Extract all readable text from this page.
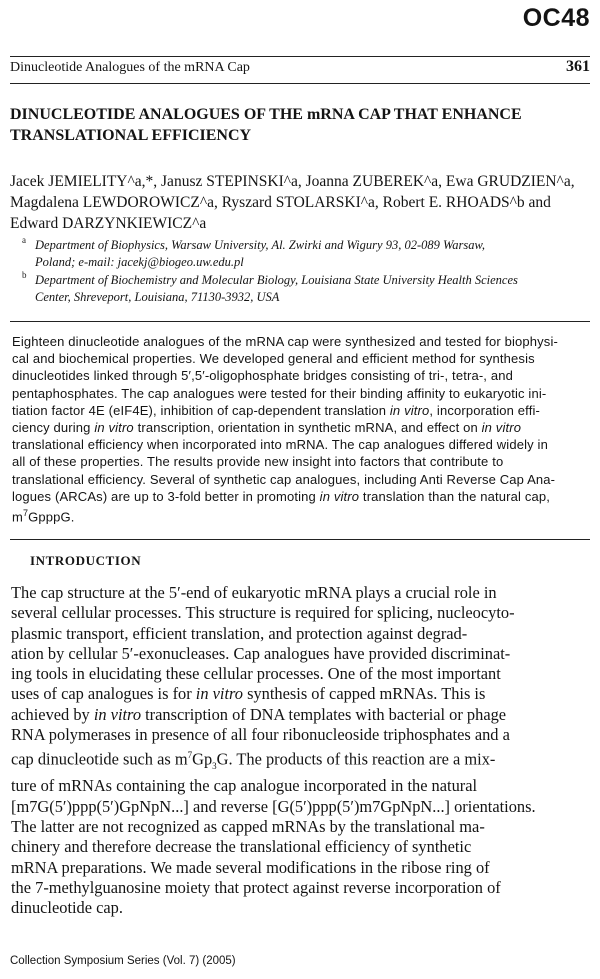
OC48
Dinucleotide Analogues of the mRNA Cap	361
DINUCLEOTIDE ANALOGUES OF THE mRNA CAP THAT ENHANCE
TRANSLATIONAL EFFICIENCY
Jacek JEMIELITY^a,*, Janusz STEPINSKI^a, Joanna ZUBEREK^a, Ewa GRUDZIEN^a,
Magdalena LEWDOROWICZ^a, Ryszard STOLARSKI^a, Robert E. RHOADS^b and
Edward DARZYNKIEWICZ^a
a Department of Biophysics, Warsaw University, Al. Zwirki and Wigury 93, 02-089 Warsaw,
Poland; e-mail: jacekj@biogeo.uw.edu.pl
b Department of Biochemistry and Molecular Biology, Louisiana State University Health Sciences
Center, Shreveport, Louisiana, 71130-3932, USA
Eighteen dinucleotide analogues of the mRNA cap were synthesized and tested for biophysi-
cal and biochemical properties. We developed general and efficient method for synthesis
dinucleotides linked through 5′,5′-oligophosphate bridges consisting of tri-, tetra-, and
pentaphosphates. The cap analogues were tested for their binding affinity to eukaryotic ini-
tiation factor 4E (eIF4E), inhibition of cap-dependent translation in vitro, incorporation effi-
ciency during in vitro transcription, orientation in synthetic mRNA, and effect on in vitro
translational efficiency when incorporated into mRNA. The cap analogues differed widely in
all of these properties. The results provide new insight into factors that contribute to
translational efficiency. Several of synthetic cap analogues, including Anti Reverse Cap Ana-
logues (ARCAs) are up to 3-fold better in promoting in vitro translation than the natural cap,
$m^7GpppG$.
INTRODUCTION
The cap structure at the 5′-end of eukaryotic mRNA plays a crucial role in
several cellular processes. This structure is required for splicing, nucleocyto-
plasmic transport, efficient translation, and protection against degrad-
ation by cellular 5′-exonucleases. Cap analogues have provided discriminat-
ing tools in elucidating these cellular processes. One of the most important
uses of cap analogues is for in vitro synthesis of capped mRNAs. This is
achieved by in vitro transcription of DNA templates with bacterial or phage
RNA polymerases in presence of all four ribonucleoside triphosphates and a
cap dinucleotide such as $m^7Gp_3G$. The products of this reaction are a mix-
ture of mRNAs containing the cap analogue incorporated in the natural
[m7G(5′)ppp(5′)GpNpN...] and reverse [G(5′)ppp(5′)m7GpNpN...] orientations.
The latter are not recognized as capped mRNAs by the translational ma-
chinery and therefore decrease the translational efficiency of synthetic
mRNA preparations. We made several modifications in the ribose ring of
the 7-methylguanosine moiety that protect against reverse incorporation of
dinucleotide cap.
Collection Symposium Series (Vol. 7) (2005)
